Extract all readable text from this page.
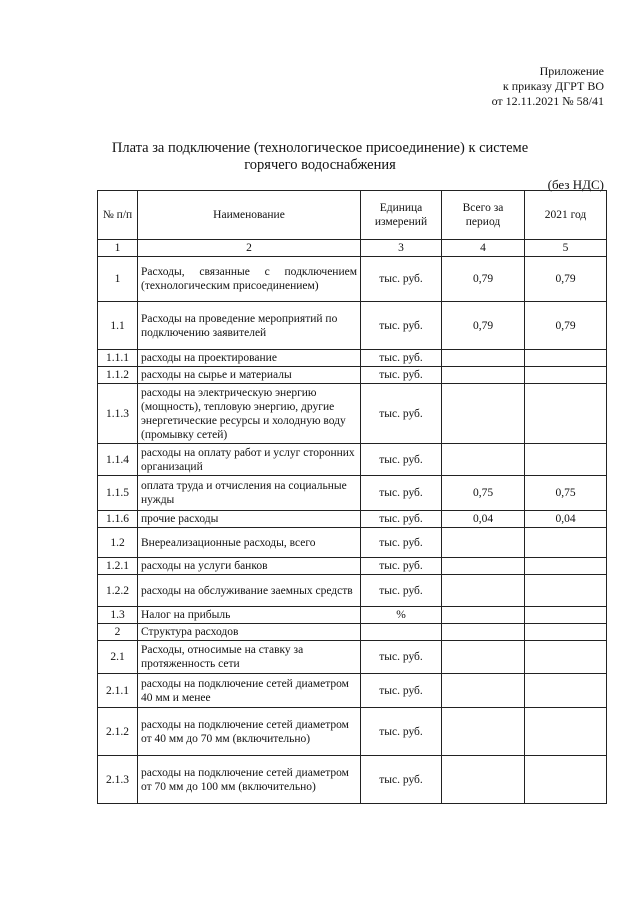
Приложение
к приказу ДГРТ ВО
от 12.11.2021 № 58/41
Плата за подключение (технологическое присоединение) к системе
горячего водоснабжения
(без НДС)
№ п/п	Наименование	Единица измерений	Всего за период	2021 год
1	2	3	4	5
1	Расходы, связанные с подключением (технологическим присоединением)	тыс. руб.	0,79	0,79
1.1	Расходы на проведение мероприятий по подключению заявителей	тыс. руб.	0,79	0,79
1.1.1	расходы на проектирование	тыс. руб.		
1.1.2	расходы на сырье и материалы	тыс. руб.		
1.1.3	расходы на электрическую энергию (мощность), тепловую энергию, другие энергетические ресурсы и холодную воду (промывку сетей)	тыс. руб.		
1.1.4	расходы на оплату работ и услуг сторонних организаций	тыс. руб.		
1.1.5	оплата труда и отчисления на социальные нужды	тыс. руб.	0,75	0,75
1.1.6	прочие расходы	тыс. руб.	0,04	0,04
1.2	Внереализационные расходы, всего	тыс. руб.		
1.2.1	расходы на услуги банков	тыс. руб.		
1.2.2	расходы на обслуживание заемных средств	тыс. руб.		
1.3	Налог на прибыль	%		
2	Структура расходов			
2.1	Расходы, относимые на ставку за протяженность сети	тыс. руб.		
2.1.1	расходы на подключение сетей диаметром 40 мм и менее	тыс. руб.		
2.1.2	расходы на подключение сетей диаметром от 40 мм до 70 мм (включительно)	тыс. руб.		
2.1.3	расходы на подключение сетей диаметром от 70 мм до 100 мм (включительно)	тыс. руб.		
